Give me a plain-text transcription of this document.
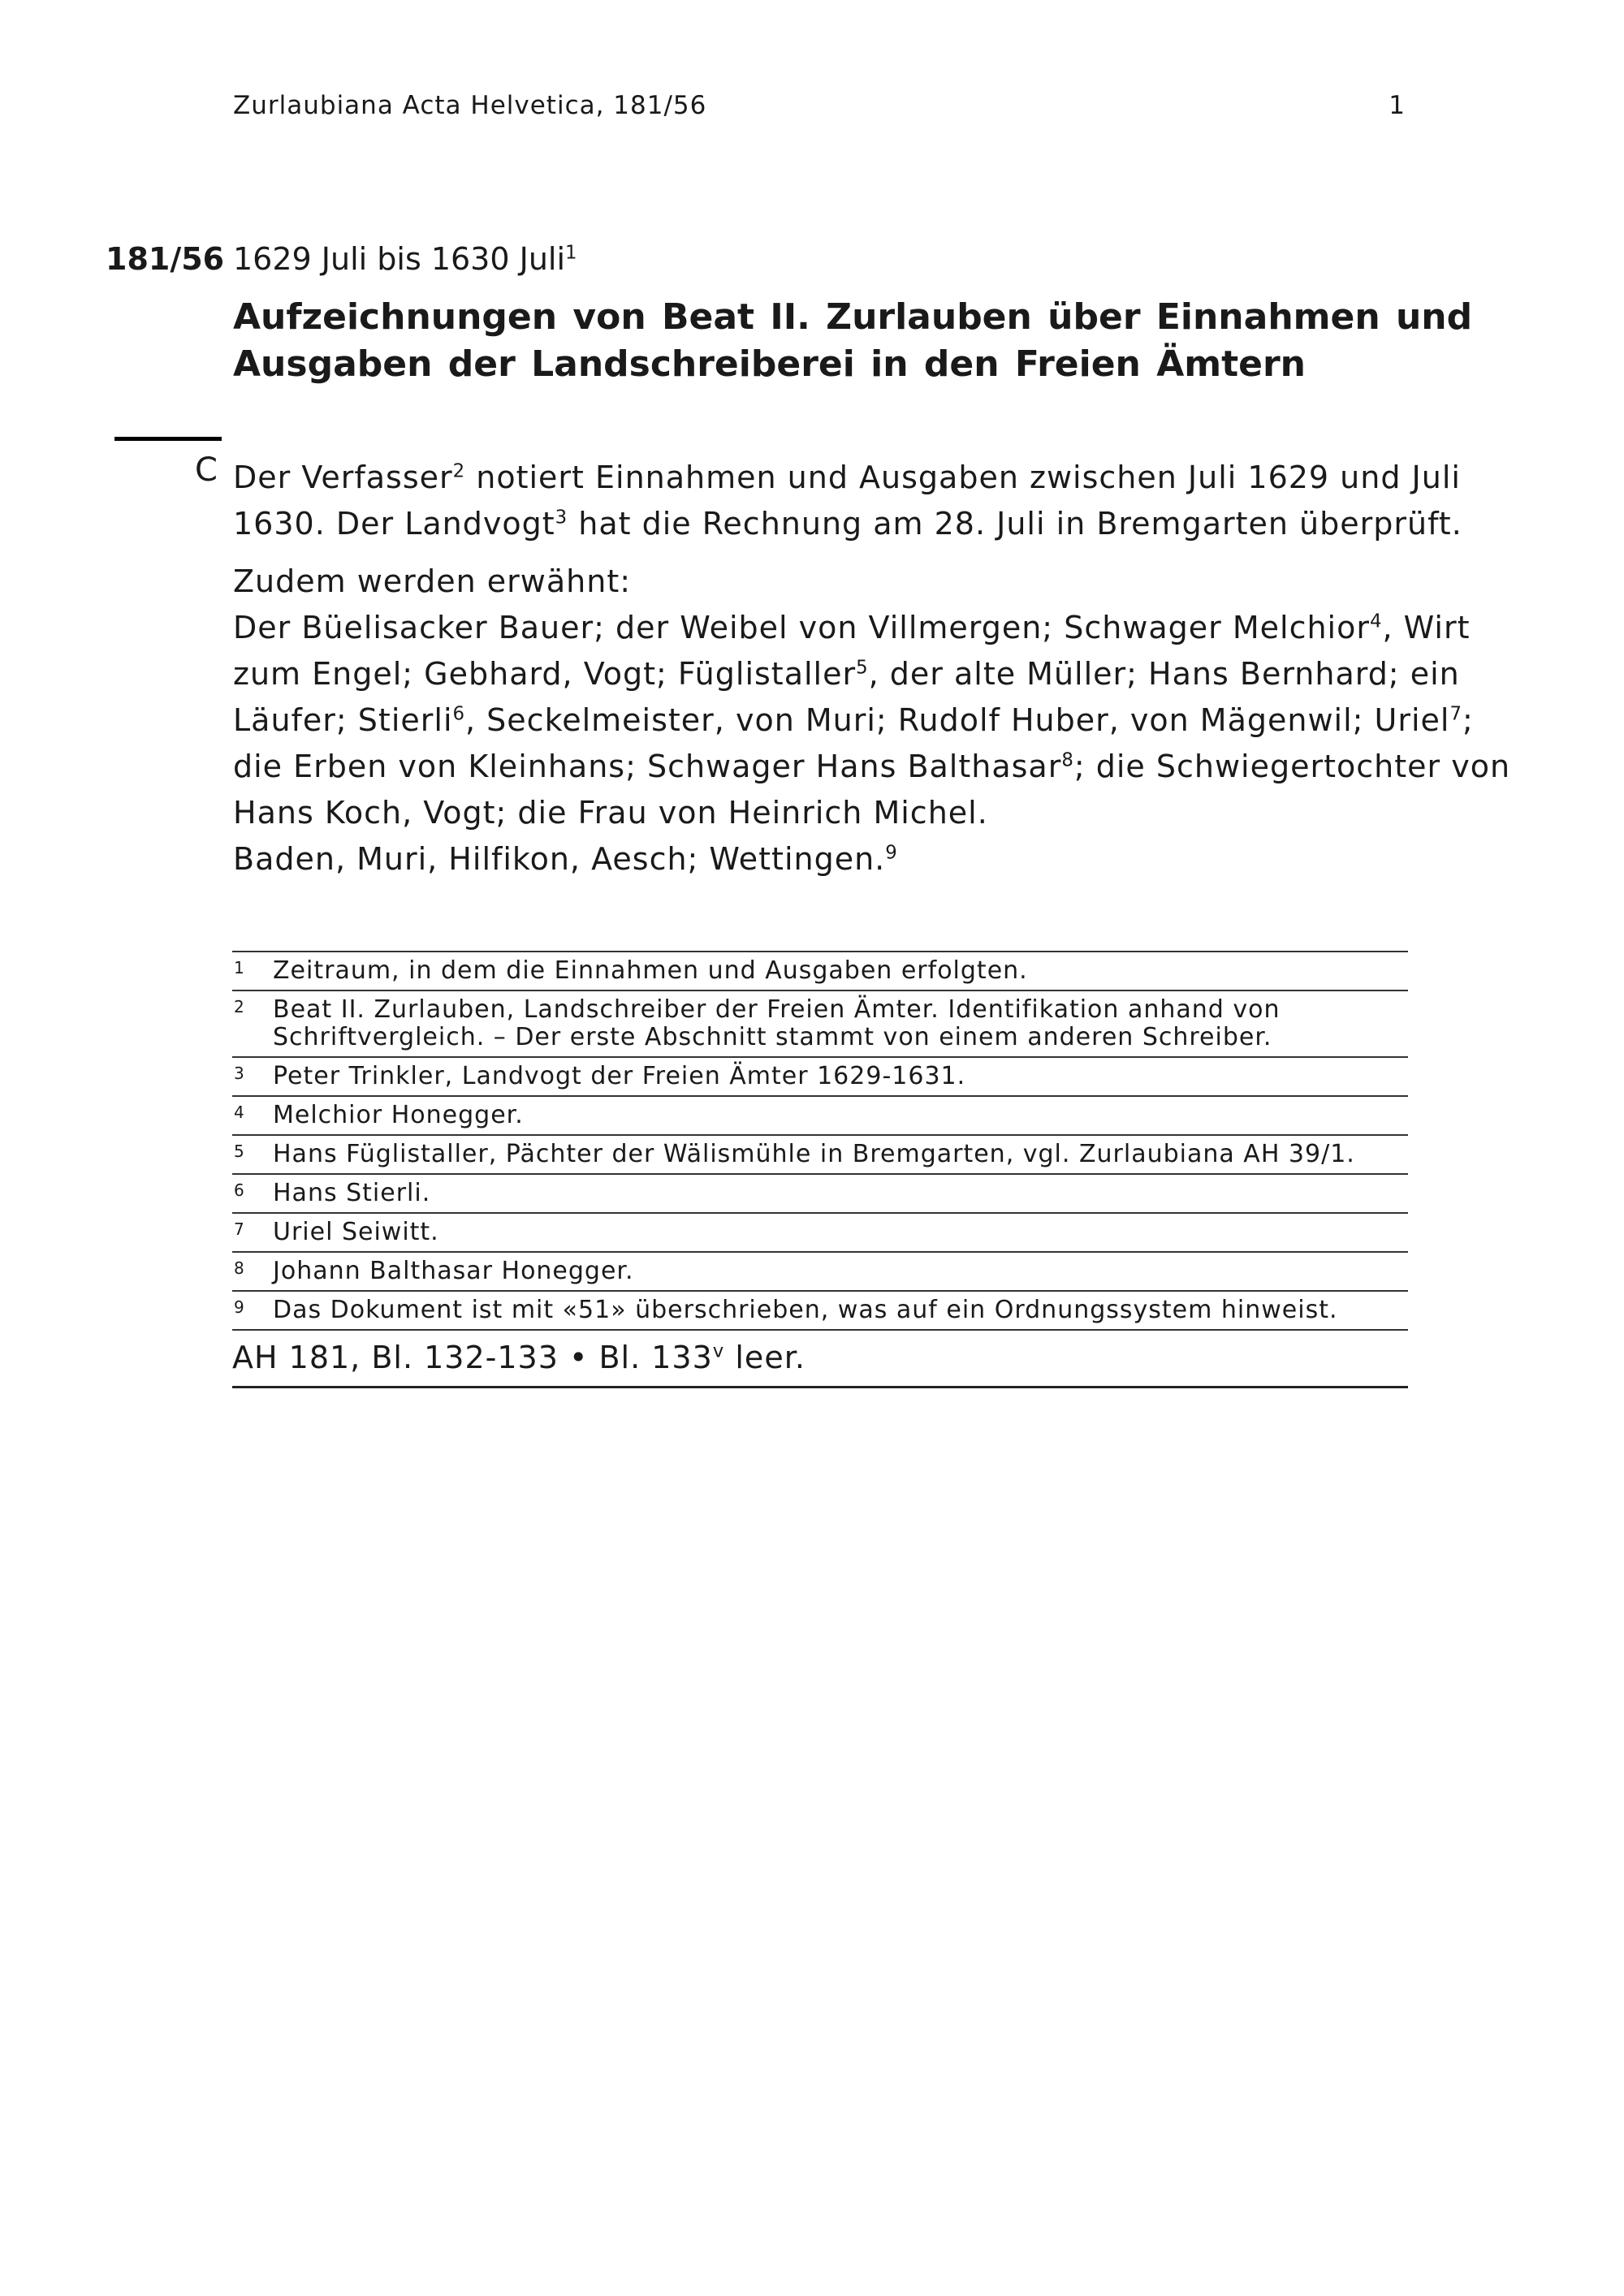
Zurlaubiana Acta Helvetica, 181/56	1
181/56 1629 Juli bis 1630 Juli$^1$
Aufzeichnungen von Beat II. Zurlauben über Einnahmen und
Ausgaben der Landschreiberei in den Freien Ämtern
C Der Verfasser$^2$ notiert Einnahmen und Ausgaben zwischen Juli 1629 und Juli
1630. Der Landvogt$^3$ hat die Rechnung am 28. Juli in Bremgarten überprüft.
Zudem werden erwähnt:
Der Büelisacker Bauer; der Weibel von Villmergen; Schwager Melchior$^4$, Wirt
zum Engel; Gebhard, Vogt; Füglistaller$^5$, der alte Müller; Hans Bernhard; ein
Läufer; Stierli$^6$, Seckelmeister, von Muri; Rudolf Huber, von Mägenwil; Uriel$^7$;
die Erben von Kleinhans; Schwager Hans Balthasar$^8$; die Schwiegertochter von
Hans Koch, Vogt; die Frau von Heinrich Michel.
Baden, Muri, Hilfikon, Aesch; Wettingen.$^9$
1 Zeitraum, in dem die Einnahmen und Ausgaben erfolgten.
2 Beat II. Zurlauben, Landschreiber der Freien Ämter. Identifikation anhand von
Schriftvergleich. – Der erste Abschnitt stammt von einem anderen Schreiber.
3 Peter Trinkler, Landvogt der Freien Ämter 1629-1631.
4 Melchior Honegger.
5 Hans Füglistaller, Pächter der Wälismühle in Bremgarten, vgl. Zurlaubiana AH 39/1.
6 Hans Stierli.
7 Uriel Seiwitt.
8 Johann Balthasar Honegger.
9 Das Dokument ist mit «51» überschrieben, was auf ein Ordnungssystem hinweist.
AH 181, Bl. 132-133 • Bl. 133$^v$ leer.
